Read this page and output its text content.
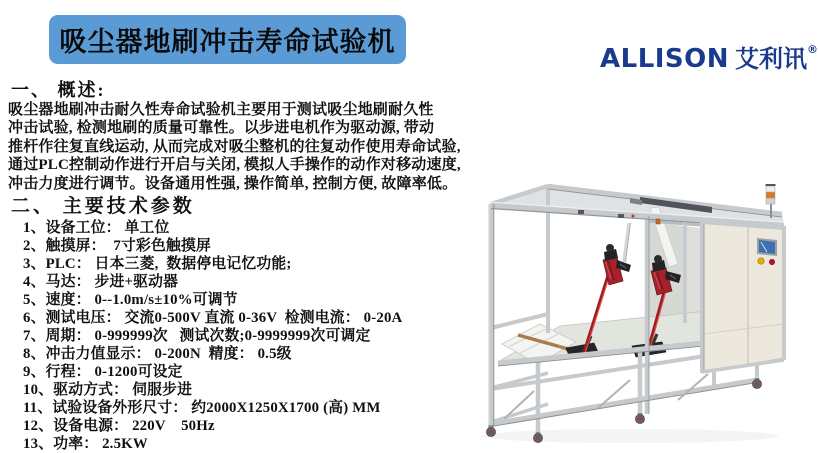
吸尘器地刷冲击寿命试验机
ALLISON 艾利讯®
一、 概述:
吸尘器地刷冲击耐久性寿命试验机主要用于测试吸尘地刷耐久性
冲击试验, 检测地刷的质量可靠性。以步进电机作为驱动源, 带动
推杆作往复直线运动, 从而完成对吸尘整机的往复动作使用寿命试验,
通过PLC控制动作进行开启与关闭, 模拟人手操作的动作对移动速度,
冲击力度进行调节。设备通用性强, 操作简单, 控制方便, 故障率低。
二、 主要技术参数
1、设备工位： 单工位
2、触摸屏：  7寸彩色触摸屏
3、PLC： 日本三菱,  数据停电记忆功能;
4、马达： 步进+驱动器
5、速度： 0--1.0m/s±10%可调节
6、测试电压： 交流0-500V 直流 0-36V  检测电流： 0-20A
7、周期： 0-999999次   测试次数;0-9999999次可调定
8、冲击力值显示： 0-200N  精度： 0.5级
9、行程： 0-1200可设定
10、驱动方式： 伺服步进
11、试验设备外形尺寸： 约2000X1250X1700 (高) MM
12、设备电源： 220V    50Hz
13、功率： 2.5KW
